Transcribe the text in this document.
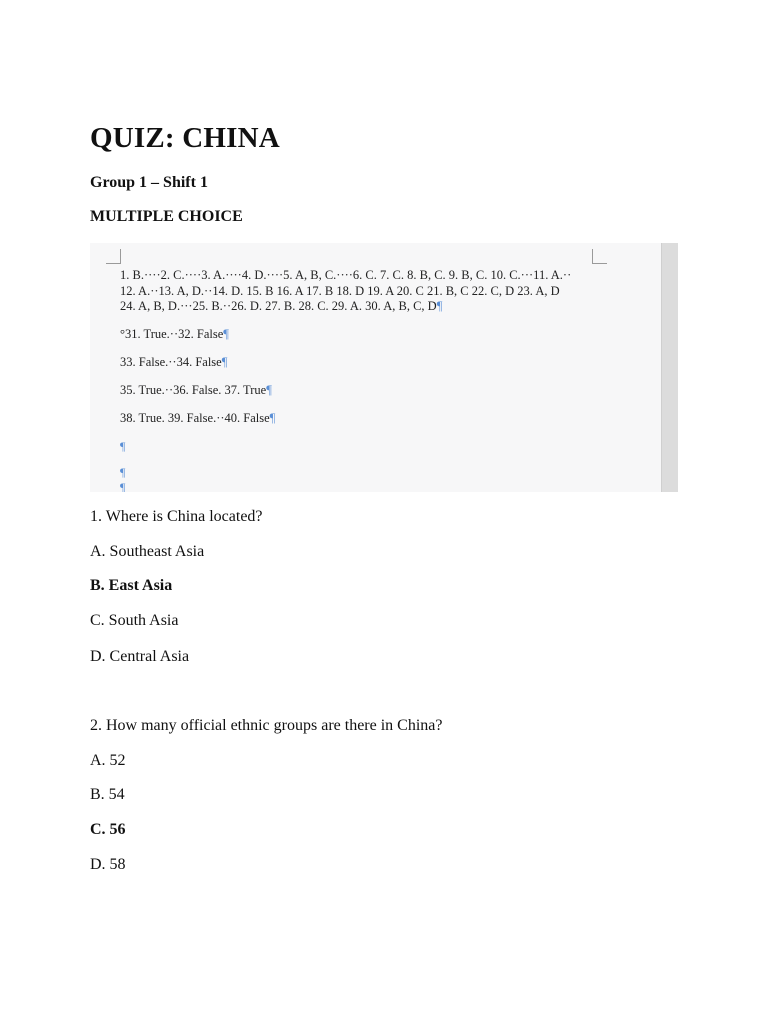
QUIZ: CHINA

Group 1 – Shift 1

MULTIPLE CHOICE

1. B.····2. C.····3. A.····4. D.····5. A, B, C.····6. C. 7. C. 8. B, C. 9. B, C. 10. C.···11. A.··
12. A.··13. A, D.··14. D. 15. B 16. A 17. B 18. D 19. A 20. C 21. B, C 22. C, D 23. A, D
24. A, B, D.···25. B.··26. D. 27. B. 28. C. 29. A. 30. A, B, C, D¶

°31. True.··32. False¶

33. False.··34. False¶

35. True.··36. False. 37. True¶

38. True. 39. False.··40. False¶

¶

¶

¶

1. Where is China located?

A. Southeast Asia

B. East Asia

C. South Asia

D. Central Asia

2. How many official ethnic groups are there in China?

A. 52

B. 54

C. 56

D. 58
